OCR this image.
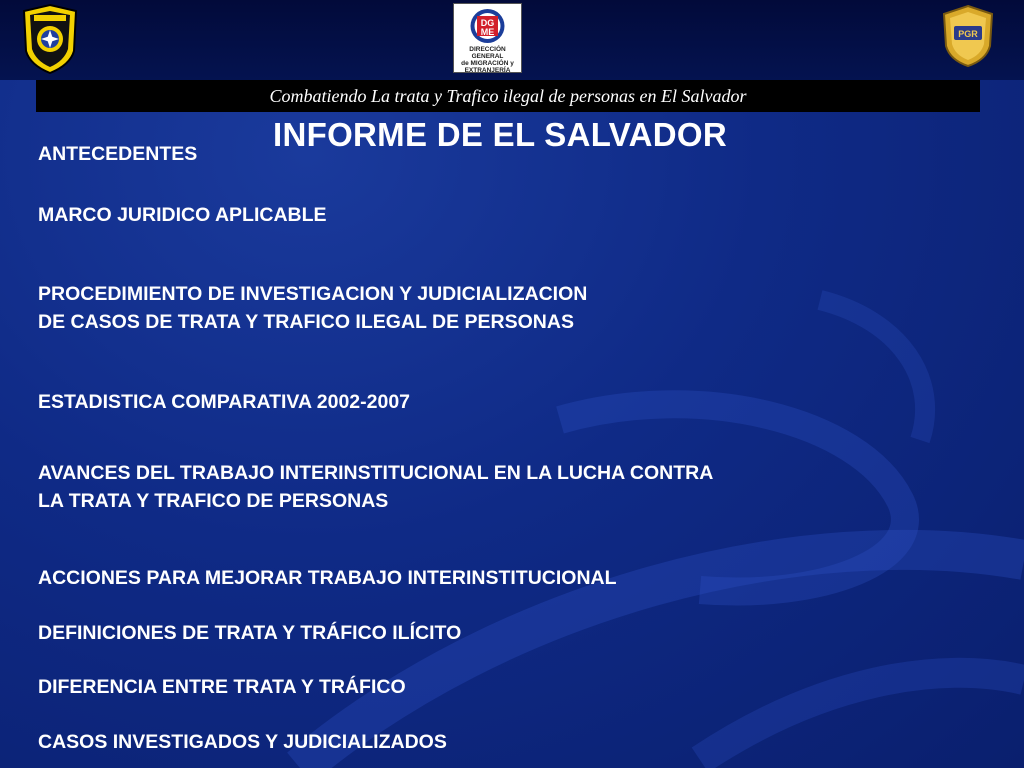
DG
ME
DIRECCIÓN GENERAL
de MIGRACIÓN y
EXTRANJERÍA
PGR
Combatiendo La trata y Trafico ilegal de personas en El Salvador
INFORME DE EL SALVADOR
ANTECEDENTES
MARCO JURIDICO APLICABLE
PROCEDIMIENTO DE INVESTIGACION Y JUDICIALIZACION
DE CASOS DE TRATA Y TRAFICO ILEGAL DE PERSONAS
ESTADISTICA COMPARATIVA 2002-2007
AVANCES DEL TRABAJO INTERINSTITUCIONAL EN LA LUCHA CONTRA
LA TRATA Y TRAFICO DE PERSONAS
ACCIONES PARA MEJORAR TRABAJO INTERINSTITUCIONAL
DEFINICIONES DE TRATA Y TRÁFICO ILÍCITO
DIFERENCIA ENTRE TRATA Y TRÁFICO
CASOS INVESTIGADOS Y JUDICIALIZADOS
